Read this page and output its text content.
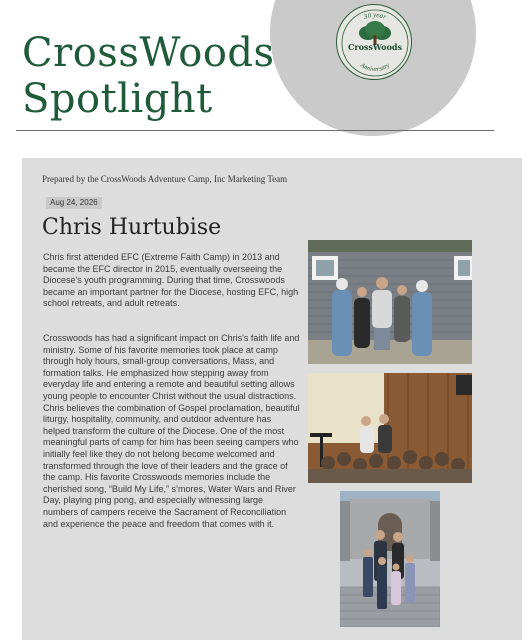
CrossWoods
Spotlight
30 year
CrossWoods
Anniversary
Prepared by the CrossWoods Adventure Camp, Inc Marketing Team
Aug 24, 2026
Chris Hurtubise

Chris first attended EFC (Extreme Faith Camp) in 2013 and became the EFC director in 2015, eventually overseeing the Diocese's youth programming. During that time, Crosswoods became an important partner for the Diocese, hosting EFC, high school retreats, and adult retreats.

Crosswoods has had a significant impact on Chris's faith life and ministry. Some of his favorite memories took place at camp through holy hours, small-group conversations, Mass, and formation talks. He emphasized how stepping away from everyday life and entering a remote and beautiful setting allows young people to encounter Christ without the usual distractions. Chris believes the combination of Gospel proclamation, beautiful liturgy, hospitality, community, and outdoor adventure has helped transform the culture of the Diocese. One of the most meaningful parts of camp for him has been seeing campers who initially feel like they do not belong become welcomed and transformed through the love of their leaders and the grace of the camp. His favorite Crosswoods memories include the cherished song, “Build My Life,” s’mores, Water Wars and River Day, playing ping pong, and especially witnessing large numbers of campers receive the Sacrament of Reconciliation and experience the peace and freedom that comes with it.
